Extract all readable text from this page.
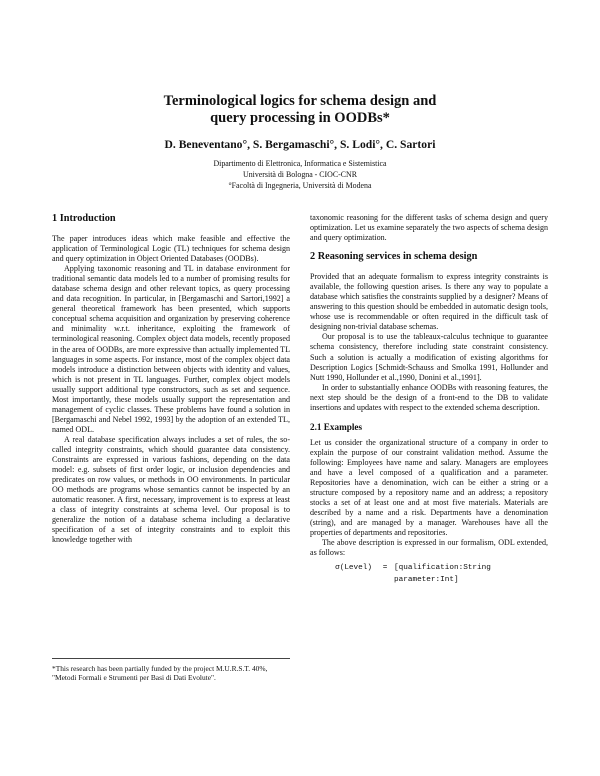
Terminological logics for schema design and
query processing in OODBs*
D. Beneventano°, S. Bergamaschi°, S. Lodi°, C. Sartori
Dipartimento di Elettronica, Informatica e Sistemistica
Università di Bologna - CIOC-CNR
°Facoltà di Ingegneria, Università di Modena
1 Introduction

The paper introduces ideas which make feasible and effective the application of Terminological Logic (TL) techniques for schema design and query optimization in Object Oriented Databases (OODBs).

Applying taxonomic reasoning and TL in database environment for traditional semantic data models led to a number of promising results for database schema design and other relevant topics, as query processing and data recognition. In particular, in [Bergamaschi and Sartori,1992] a general theoretical framework has been presented, which supports conceptual schema acquisition and organization by preserving coherence and minimality w.r.t. inheritance, exploiting the framework of terminological reasoning. Complex object data models, recently proposed in the area of OODBs, are more expressive than actually implemented TL languages in some aspects. For instance, most of the complex object data models introduce a distinction between objects with identity and values, which is not present in TL languages. Further, complex object models usually support additional type constructors, such as set and sequence. Most importantly, these models usually support the representation and management of cyclic classes. These problems have found a solution in [Bergamaschi and Nebel 1992, 1993] by the adoption of an extended TL, named ODL.

A real database specification always includes a set of rules, the so-called integrity constraints, which should guarantee data consistency. Constraints are expressed in various fashions, depending on the data model: e.g. subsets of first order logic, or inclusion dependencies and predicates on row values, or methods in OO environments. In particular OO methods are programs whose semantics cannot be inspected by an automatic reasoner. A first, necessary, improvement is to express at least a class of integrity constraints at schema level. Our proposal is to generalize the notion of a database schema including a declarative specification of a set of integrity constraints and to exploit this knowledge together with

*This research has been partially funded by the project M.U.R.S.T. 40%, "Metodi Formali e Strumenti per Basi di Dati Evolute".

taxonomic reasoning for the different tasks of schema design and query optimization. Let us examine separately the two aspects of schema design and query optimization.

2 Reasoning services in schema design

Provided that an adequate formalism to express integrity constraints is available, the following question arises. Is there any way to populate a database which satisfies the constraints supplied by a designer? Means of answering to this question should be embedded in automatic design tools, whose use is recommendable or often required in the difficult task of designing non-trivial database schemas.

Our proposal is to use the tableaux-calculus technique to guarantee schema consistency, therefore including state constraint consistency. Such a solution is actually a modification of existing algorithms for Description Logics [Schmidt-Schauss and Smolka 1991, Hollunder and Nutt 1990, Hollunder et al.,1990, Donini et al.,1991].

In order to substantially enhance OODBs with reasoning features, the next step should be the design of a front-end to the DB to validate insertions and updates with respect to the extended schema description.

2.1 Examples

Let us consider the organizational structure of a company in order to explain the purpose of our constraint validation method. Assume the following: Employees have name and salary. Managers are employees and have a level composed of a qualification and a parameter. Repositories have a denomination, wich can be either a string or a structure composed by a repository name and an address; a repository stocks a set of at least one and at most five materials. Materials are described by a name and a risk. Departments have a denomination (string), and are managed by a manager. Warehouses have all the properties of departments and repositories.

The above description is expressed in our formalism, ODL extended, as follows:

σ(Level)	= [qualification:String
parameter:Int]
